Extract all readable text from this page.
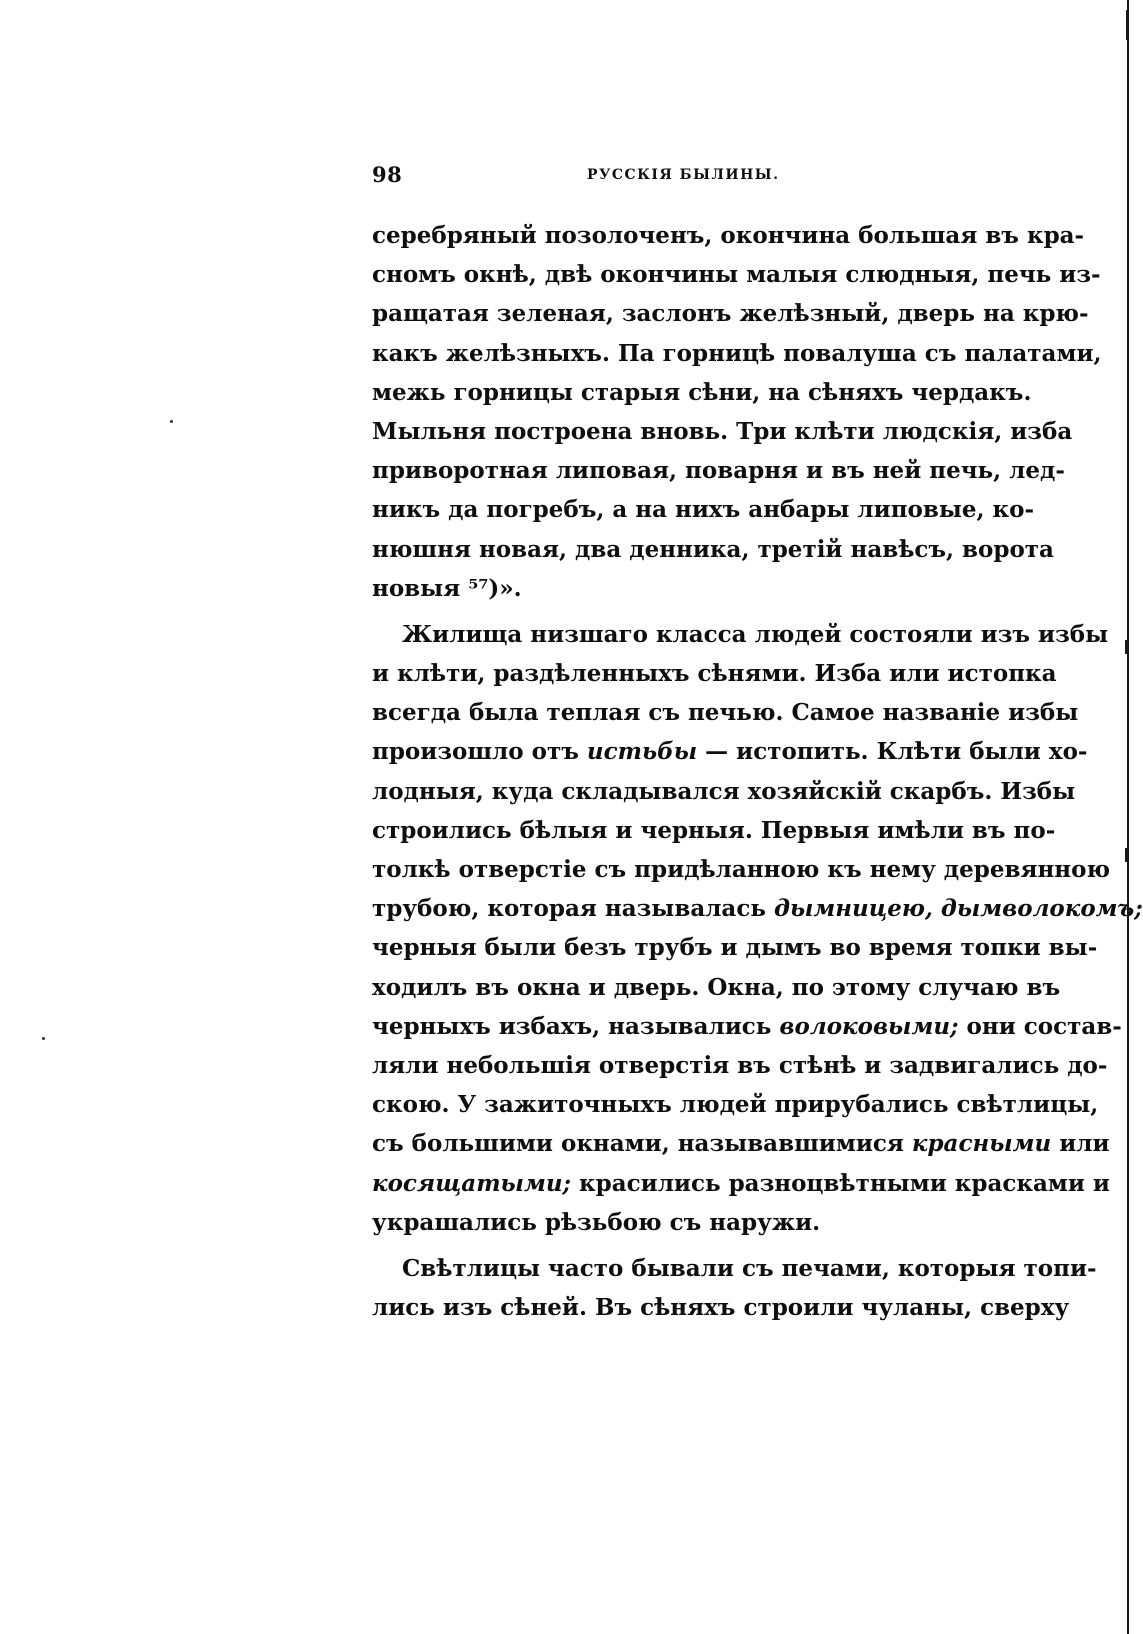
98	РУССКІЯ БЫЛИНЫ.
серебряный позолоченъ, окончина большая въ кра-
сномъ окнѣ, двѣ окончины малыя слюдныя, печь из-
ращатая зеленая, заслонъ желѣзный, дверь на крю-
какъ желѣзныхъ. Па горницѣ повалуша съ палатами,
межь горницы старыя сѣни, на сѣняхъ чердакъ.
Мыльня построена вновь. Три клѣти людскія, изба
приворотная липовая, поварня и въ ней печь, лед-
никъ да погребъ, а на нихъ анбары липовые, ко-
нюшня новая, два денника, третій навѣсъ, ворота
новыя ⁵⁷)».
Жилища низшаго класса людей состояли изъ избы
и клѣти, раздѣленныхъ сѣнями. Изба или истопка
всегда была теплая съ печью. Самое названіе избы
произошло отъ истьбы — истопить. Клѣти были хо-
лодныя, куда складывался хозяйскій скарбъ. Избы
строились бѣлыя и черныя. Первыя имѣли въ по-
толкѣ отверстіе съ придѣланною къ нему деревянною
трубою, которая называлась дымницею, дымволокомъ;
черныя были безъ трубъ и дымъ во время топки вы-
ходилъ въ окна и дверь. Окна, по этому случаю въ
черныхъ избахъ, назывались волоковыми; они состав-
ляли небольшія отверстія въ стѣнѣ и задвигались до-
скою. У зажиточныхъ людей прирубались свѣтлицы,
съ большими окнами, называвшимися красными или
косящатыми; красились разноцвѣтными красками и
украшались рѣзьбою съ наружи.
Свѣтлицы часто бывали съ печами, которыя топи-
лись изъ сѣней. Въ сѣняхъ строили чуланы, сверху
